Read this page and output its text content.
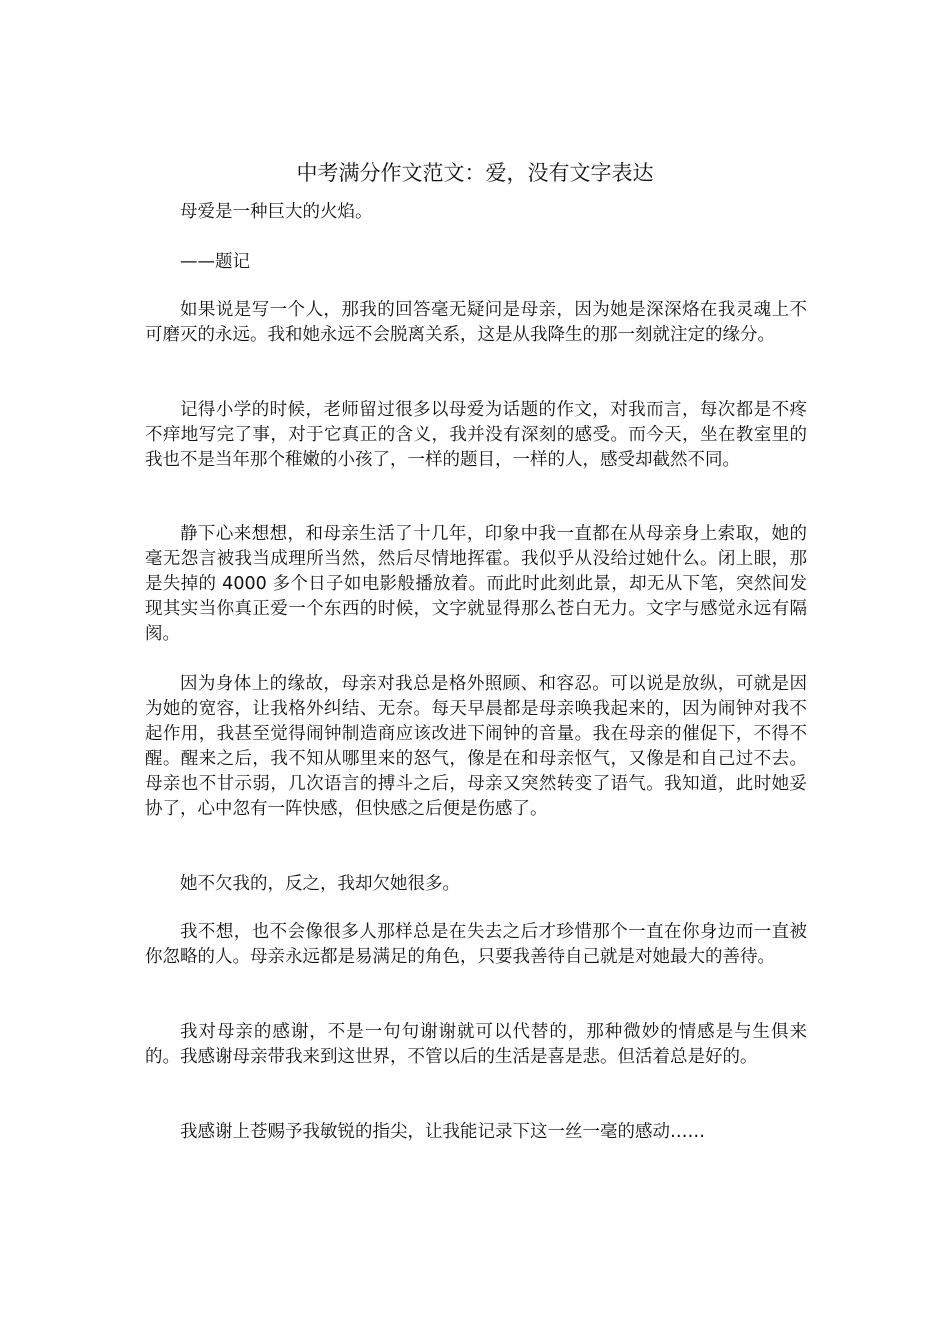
中考满分作文范文：爱，没有文字表达

母爱是一种巨大的火焰。

——题记

如果说是写一个人，那我的回答毫无疑问是母亲，因为她是深深烙在我灵魂上不可磨灭的永远。我和她永远不会脱离关系，这是从我降生的那一刻就注定的缘分。

记得小学的时候，老师留过很多以母爱为话题的作文，对我而言，每次都是不疼不痒地写完了事，对于它真正的含义，我并没有深刻的感受。而今天，坐在教室里的我也不是当年那个稚嫩的小孩了，一样的题目，一样的人，感受却截然不同。

静下心来想想，和母亲生活了十几年，印象中我一直都在从母亲身上索取，她的毫无怨言被我当成理所当然，然后尽情地挥霍。我似乎从没给过她什么。闭上眼，那是失掉的 4000 多个日子如电影般播放着。而此时此刻此景，却无从下笔，突然间发现其实当你真正爱一个东西的时候，文字就显得那么苍白无力。文字与感觉永远有隔阂。

因为身体上的缘故，母亲对我总是格外照顾、和容忍。可以说是放纵，可就是因为她的宽容，让我格外纠结、无奈。每天早晨都是母亲唤我起来的，因为闹钟对我不起作用，我甚至觉得闹钟制造商应该改进下闹钟的音量。我在母亲的催促下，不得不醒。醒来之后，我不知从哪里来的怒气，像是在和母亲怄气，又像是和自己过不去。母亲也不甘示弱，几次语言的搏斗之后，母亲又突然转变了语气。我知道，此时她妥协了，心中忽有一阵快感，但快感之后便是伤感了。

她不欠我的，反之，我却欠她很多。

我不想，也不会像很多人那样总是在失去之后才珍惜那个一直在你身边而一直被你忽略的人。母亲永远都是易满足的角色，只要我善待自己就是对她最大的善待。

我对母亲的感谢，不是一句句谢谢就可以代替的，那种微妙的情感是与生俱来的。我感谢母亲带我来到这世界，不管以后的生活是喜是悲。但活着总是好的。

我感谢上苍赐予我敏锐的指尖，让我能记录下这一丝一毫的感动……
